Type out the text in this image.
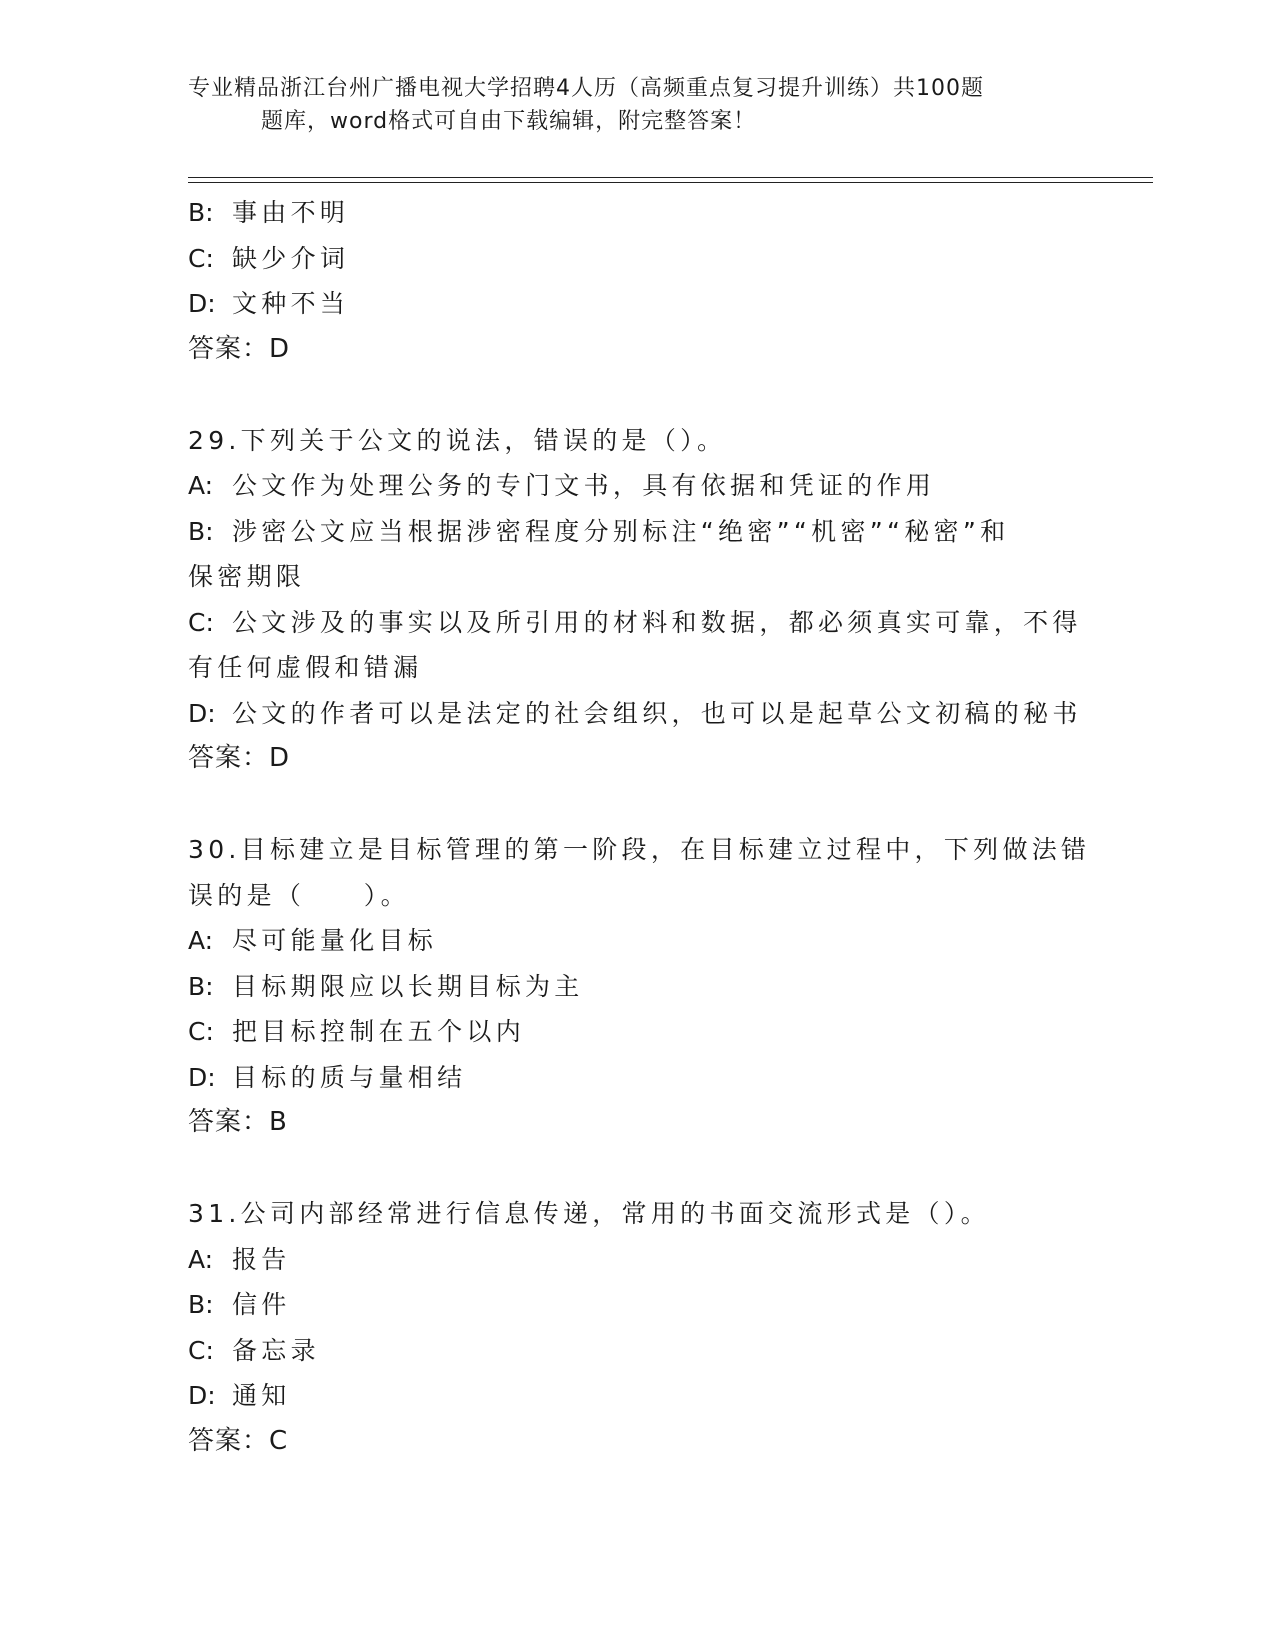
专业精品浙江台州广播电视大学招聘4人历（高频重点复习提升训练）共100题
题库，word格式可自由下载编辑，附完整答案！
B: 事由不明
C: 缺少介词
D: 文种不当
答案：D
29.下列关于公文的说法，错误的是（）。
A: 公文作为处理公务的专门文书，具有依据和凭证的作用
B: 涉密公文应当根据涉密程度分别标注“绝密”“机密”“秘密”和
保密期限
C: 公文涉及的事实以及所引用的材料和数据，都必须真实可靠，不得
有任何虚假和错漏
D: 公文的作者可以是法定的社会组织，也可以是起草公文初稿的秘书
答案：D
30.目标建立是目标管理的第一阶段，在目标建立过程中，下列做法错
误的是（　　）。
A: 尽可能量化目标
B: 目标期限应以长期目标为主
C: 把目标控制在五个以内
D: 目标的质与量相结
答案：B
31.公司内部经常进行信息传递，常用的书面交流形式是（）。
A: 报告
B: 信件
C: 备忘录
D: 通知
答案：C
